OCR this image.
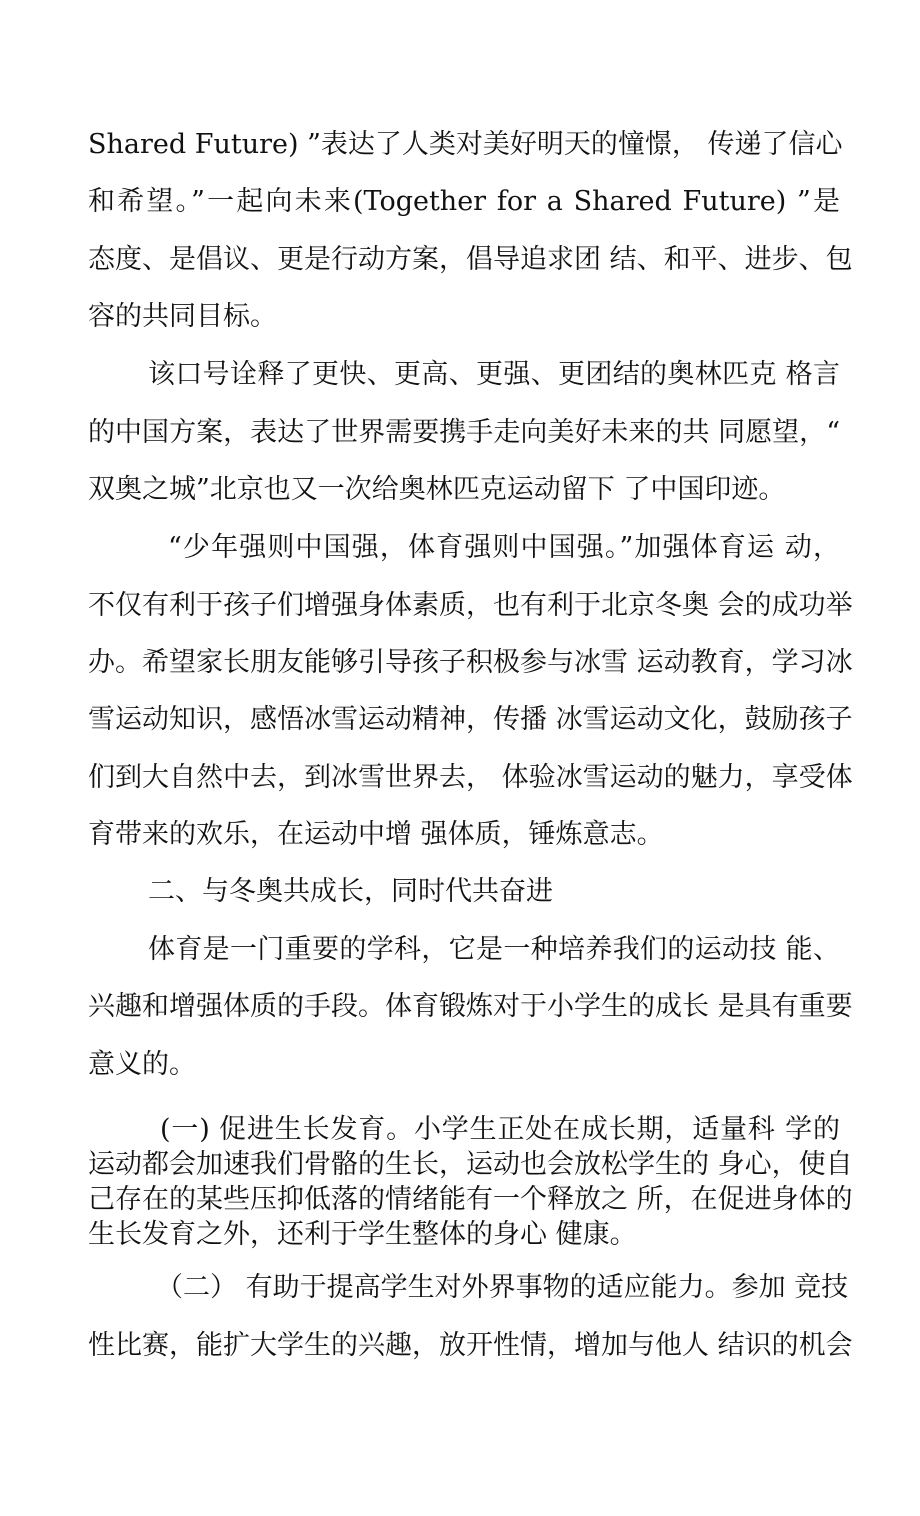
Shared Future) ”表达了人类对美好明天的憧憬， 传递了信心
和希望。”一起向未来(Together for a Shared Future) ”是
态度、是倡议、更是行动方案，倡导追求团 结、和平、进步、包
容的共同目标。
该口号诠释了更快、更高、更强、更团结的奥林匹克 格言
的中国方案，表达了世界需要携手走向美好未来的共 同愿望，“
双奥之城”北京也又一次给奥林匹克运动留下 了中国印迹。
“少年强则中国强，体育强则中国强。”加强体育运 动，
不仅有利于孩子们增强身体素质，也有利于北京冬奥 会的成功举
办。希望家长朋友能够引导孩子积极参与冰雪 运动教育，学习冰
雪运动知识，感悟冰雪运动精神，传播 冰雪运动文化，鼓励孩子
们到大自然中去，到冰雪世界去， 体验冰雪运动的魅力，享受体
育带来的欢乐，在运动中增 强体质，锤炼意志。
二、与冬奥共成长，同时代共奋进
体育是一门重要的学科，它是一种培养我们的运动技 能、
兴趣和增强体质的手段。体育锻炼对于小学生的成长 是具有重要
意义的。
(一) 促进生长发育。小学生正处在成长期，适量科 学的
运动都会加速我们骨骼的生长，运动也会放松学生的 身心，使自
己存在的某些压抑低落的情绪能有一个释放之 所，在促进身体的
生长发育之外，还利于学生整体的身心 健康。
（二） 有助于提高学生对外界事物的适应能力。参加 竞技
性比赛，能扩大学生的兴趣，放开性情，增加与他人 结识的机会
